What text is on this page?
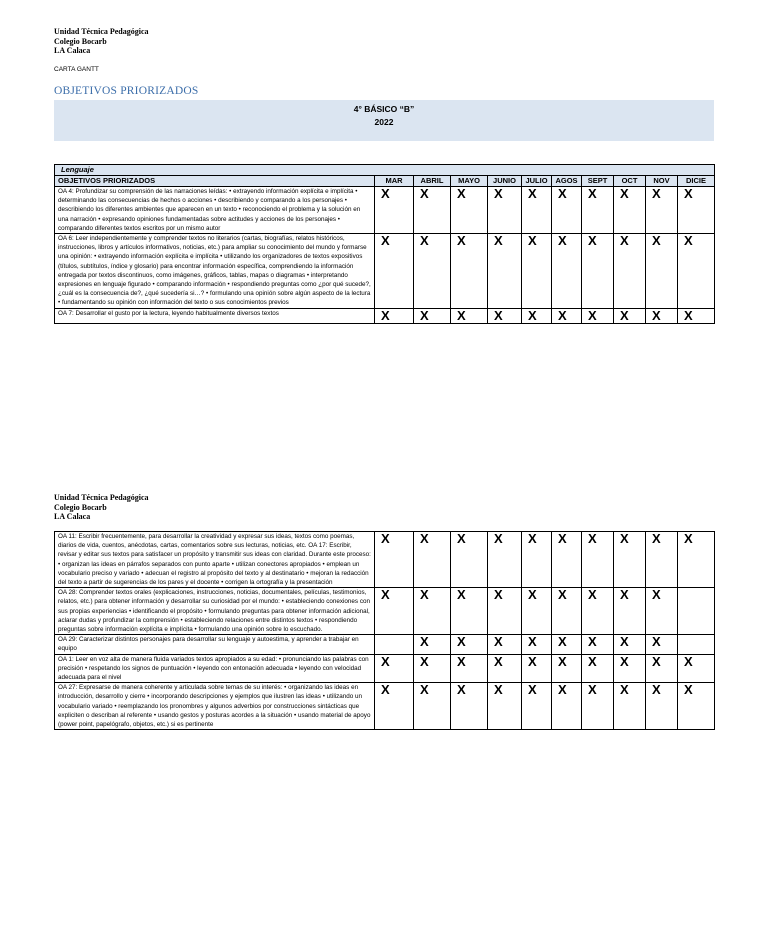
Unidad Técnica Pedagógica
Colegio Bocarb
LA Calaca
CARTA GANTT
OBJETIVOS PRIORIZADOS
4° BÁSICO “B”
2022
Lenguaje										
OBJETIVOS PRIORIZADOS	MAR	ABRIL	MAYO	JUNIO	JULIO	AGOS	SEPT	OCT	NOV	DICIE
OA 4: Profundizar su comprensión de las narraciones leídas: • extrayendo información explícita e implícita • determinando las consecuencias de hechos o acciones • describiendo y comparando a los personajes • describiendo los diferentes ambientes que aparecen en un texto • reconociendo el problema y la solución en una narración • expresando opiniones fundamentadas sobre actitudes y acciones de los personajes • comparando diferentes textos escritos por un mismo autor	X	X	X	X	X	X	X	X	X	X
OA 6: Leer independientemente y comprender textos no literarios (cartas, biografías, relatos históricos, instrucciones, libros y artículos informativos, noticias, etc.) para ampliar su conocimiento del mundo y formarse una opinión: • extrayendo información explícita e implícita • utilizando los organizadores de textos expositivos (títulos, subtítulos, índice y glosario) para encontrar información específica, comprendiendo la información entregada por textos discontinuos, como imágenes, gráficos, tablas, mapas o diagramas • interpretando expresiones en lenguaje figurado • comparando información • respondiendo preguntas como ¿por qué sucede?, ¿cuál es la consecuencia de?, ¿qué sucedería si…? • formulando una opinión sobre algún aspecto de la lectura • fundamentando su opinión con información del texto o sus conocimientos previos	X	X	X	X	X	X	X	X	X	X
OA 7: Desarrollar el gusto por la lectura, leyendo habitualmente diversos textos	X	X	X	X	X	X	X	X	X	X
Unidad Técnica Pedagógica
Colegio Bocarb
LA Calaca
OA 11: Escribir frecuentemente, para desarrollar la creatividad y expresar sus ideas, textos como poemas, diarios de vida, cuentos, anécdotas, cartas, comentarios sobre sus lecturas, noticias, etc. OA 17: Escribir, revisar y editar sus textos para satisfacer un propósito y transmitir sus ideas con claridad. Durante este proceso: • organizan las ideas en párrafos separados con punto aparte • utilizan conectores apropiados • emplean un vocabulario preciso y variado • adecuan el registro al propósito del texto y al destinatario • mejoran la redacción del texto a partir de sugerencias de los pares y el docente • corrigen la ortografía y la presentación	X	X	X	X	X	X	X	X	X	X
OA 28: Comprender textos orales (explicaciones, instrucciones, noticias, documentales, películas, testimonios, relatos, etc.) para obtener información y desarrollar su curiosidad por el mundo: • estableciendo conexiones con sus propias experiencias • identificando el propósito • formulando preguntas para obtener información adicional, aclarar dudas y profundizar la comprensión • estableciendo relaciones entre distintos textos • respondiendo preguntas sobre información explícita e implícita • formulando una opinión sobre lo escuchado.	X	X	X	X	X	X	X	X	X	
OA 29: Caracterizar distintos personajes para desarrollar su lenguaje y autoestima, y aprender a trabajar en equipo		X	X	X	X	X	X	X	X	
OA 1: Leer en voz alta de manera fluida variados textos apropiados a su edad: • pronunciando las palabras con precisión • respetando los signos de puntuación • leyendo con entonación adecuada • leyendo con velocidad adecuada para el nivel	X	X	X	X	X	X	X	X	X	X
OA 27: Expresarse de manera coherente y articulada sobre temas de su interés: • organizando las ideas en introducción, desarrollo y cierre • incorporando descripciones y ejemplos que ilustren las ideas • utilizando un vocabulario variado • reemplazando los pronombres y algunos adverbios por construcciones sintácticas que expliciten o describan al referente • usando gestos y posturas acordes a la situación • usando material de apoyo (power point, papelógrafo, objetos, etc.) si es pertinente	X	X	X	X	X	X	X	X	X	X
